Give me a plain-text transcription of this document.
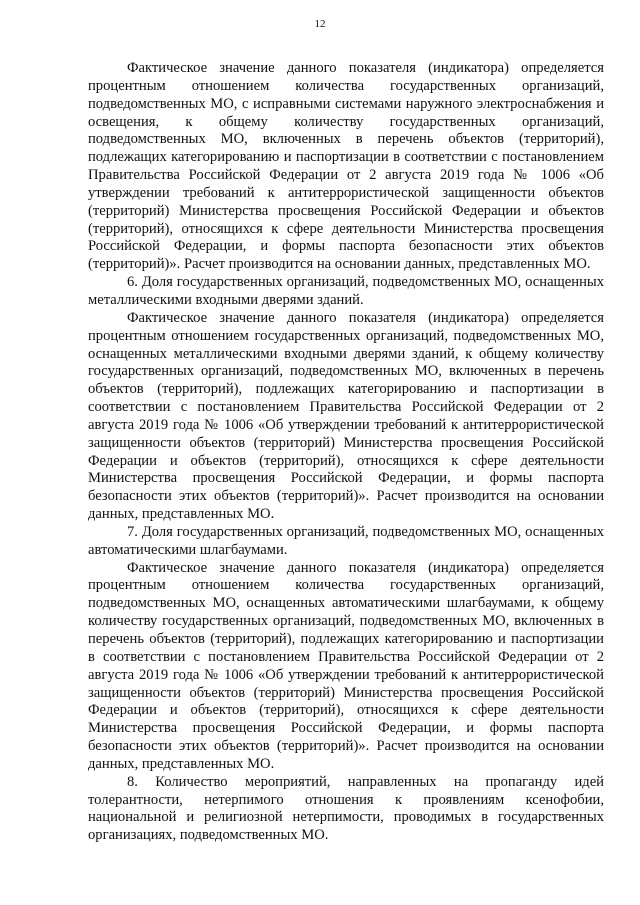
12

Фактическое значение данного показателя (индикатора) определяется процентным отношением количества государственных организаций, подведомственных МО, с исправными системами наружного электроснабжения и освещения, к общему количеству государственных организаций, подведомственных МО, включенных в перечень объектов (территорий), подлежащих категорированию и паспортизации в соответствии с постановлением Правительства Российской Федерации от 2 августа 2019 года № 1006 «Об утверждении требований к антитеррористической защищенности объектов (территорий) Министерства просвещения Российской Федерации и объектов (территорий), относящихся к сфере деятельности Министерства просвещения Российской Федерации, и формы паспорта безопасности этих объектов (территорий)». Расчет производится на основании данных, представленных МО.

6. Доля государственных организаций, подведомственных МО, оснащенных металлическими входными дверями зданий.

Фактическое значение данного показателя (индикатора) определяется процентным отношением государственных организаций, подведомственных МО, оснащенных металлическими входными дверями зданий, к общему количеству государственных организаций, подведомственных МО, включенных в перечень объектов (территорий), подлежащих категорированию и паспортизации в соответствии с постановлением Правительства Российской Федерации от 2 августа 2019 года № 1006 «Об утверждении требований к антитеррористической защищенности объектов (территорий) Министерства просвещения Российской Федерации и объектов (территорий), относящихся к сфере деятельности Министерства просвещения Российской Федерации, и формы паспорта безопасности этих объектов (территорий)». Расчет производится на основании данных, представленных МО.

7. Доля государственных организаций, подведомственных МО, оснащенных автоматическими шлагбаумами.

Фактическое значение данного показателя (индикатора) определяется процентным отношением количества государственных организаций, подведомственных МО, оснащенных автоматическими шлагбаумами, к общему количеству государственных организаций, подведомственных МО, включенных в перечень объектов (территорий), подлежащих категорированию и паспортизации в соответствии с постановлением Правительства Российской Федерации от 2 августа 2019 года № 1006 «Об утверждении требований к антитеррористической защищенности объектов (территорий) Министерства просвещения Российской Федерации и объектов (территорий), относящихся к сфере деятельности Министерства просвещения Российской Федерации, и формы паспорта безопасности этих объектов (территорий)». Расчет производится на основании данных, представленных МО.

8. Количество мероприятий, направленных на пропаганду идей толерантности, нетерпимого отношения к проявлениям ксенофобии, национальной и религиозной нетерпимости, проводимых в государственных организациях, подведомственных МО.
